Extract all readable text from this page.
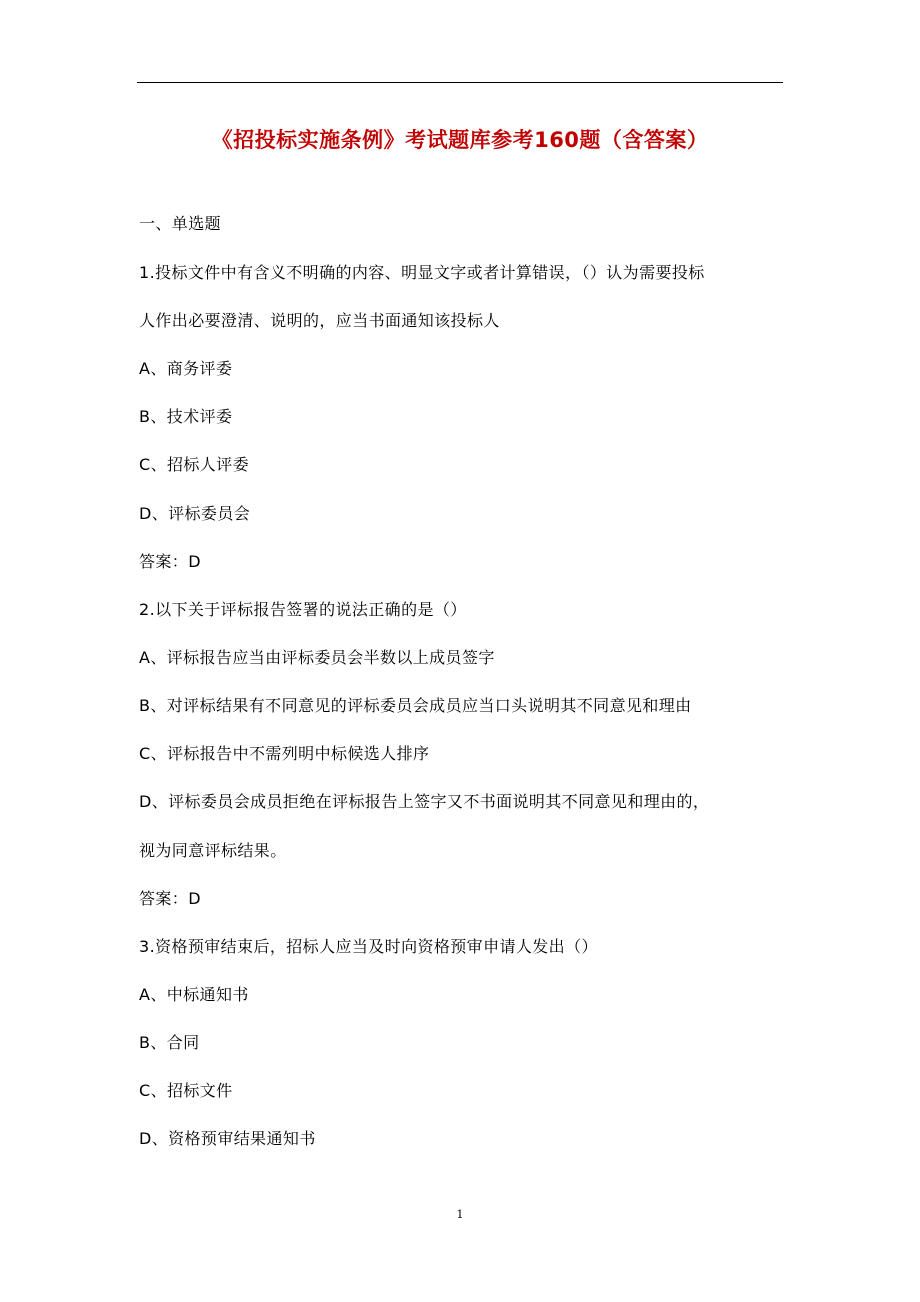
《招投标实施条例》考试题库参考160题（含答案）
一、单选题
1.投标文件中有含义不明确的内容、明显文字或者计算错误，（）认为需要投标
人作出必要澄清、说明的，应当书面通知该投标人
A、商务评委
B、技术评委
C、招标人评委
D、评标委员会
答案：D
2.以下关于评标报告签署的说法正确的是（）
A、评标报告应当由评标委员会半数以上成员签字
B、对评标结果有不同意见的评标委员会成员应当口头说明其不同意见和理由
C、评标报告中不需列明中标候选人排序
D、评标委员会成员拒绝在评标报告上签字又不书面说明其不同意见和理由的，
视为同意评标结果。
答案：D
3.资格预审结束后，招标人应当及时向资格预审申请人发出（）
A、中标通知书
B、合同
C、招标文件
D、资格预审结果通知书
1
